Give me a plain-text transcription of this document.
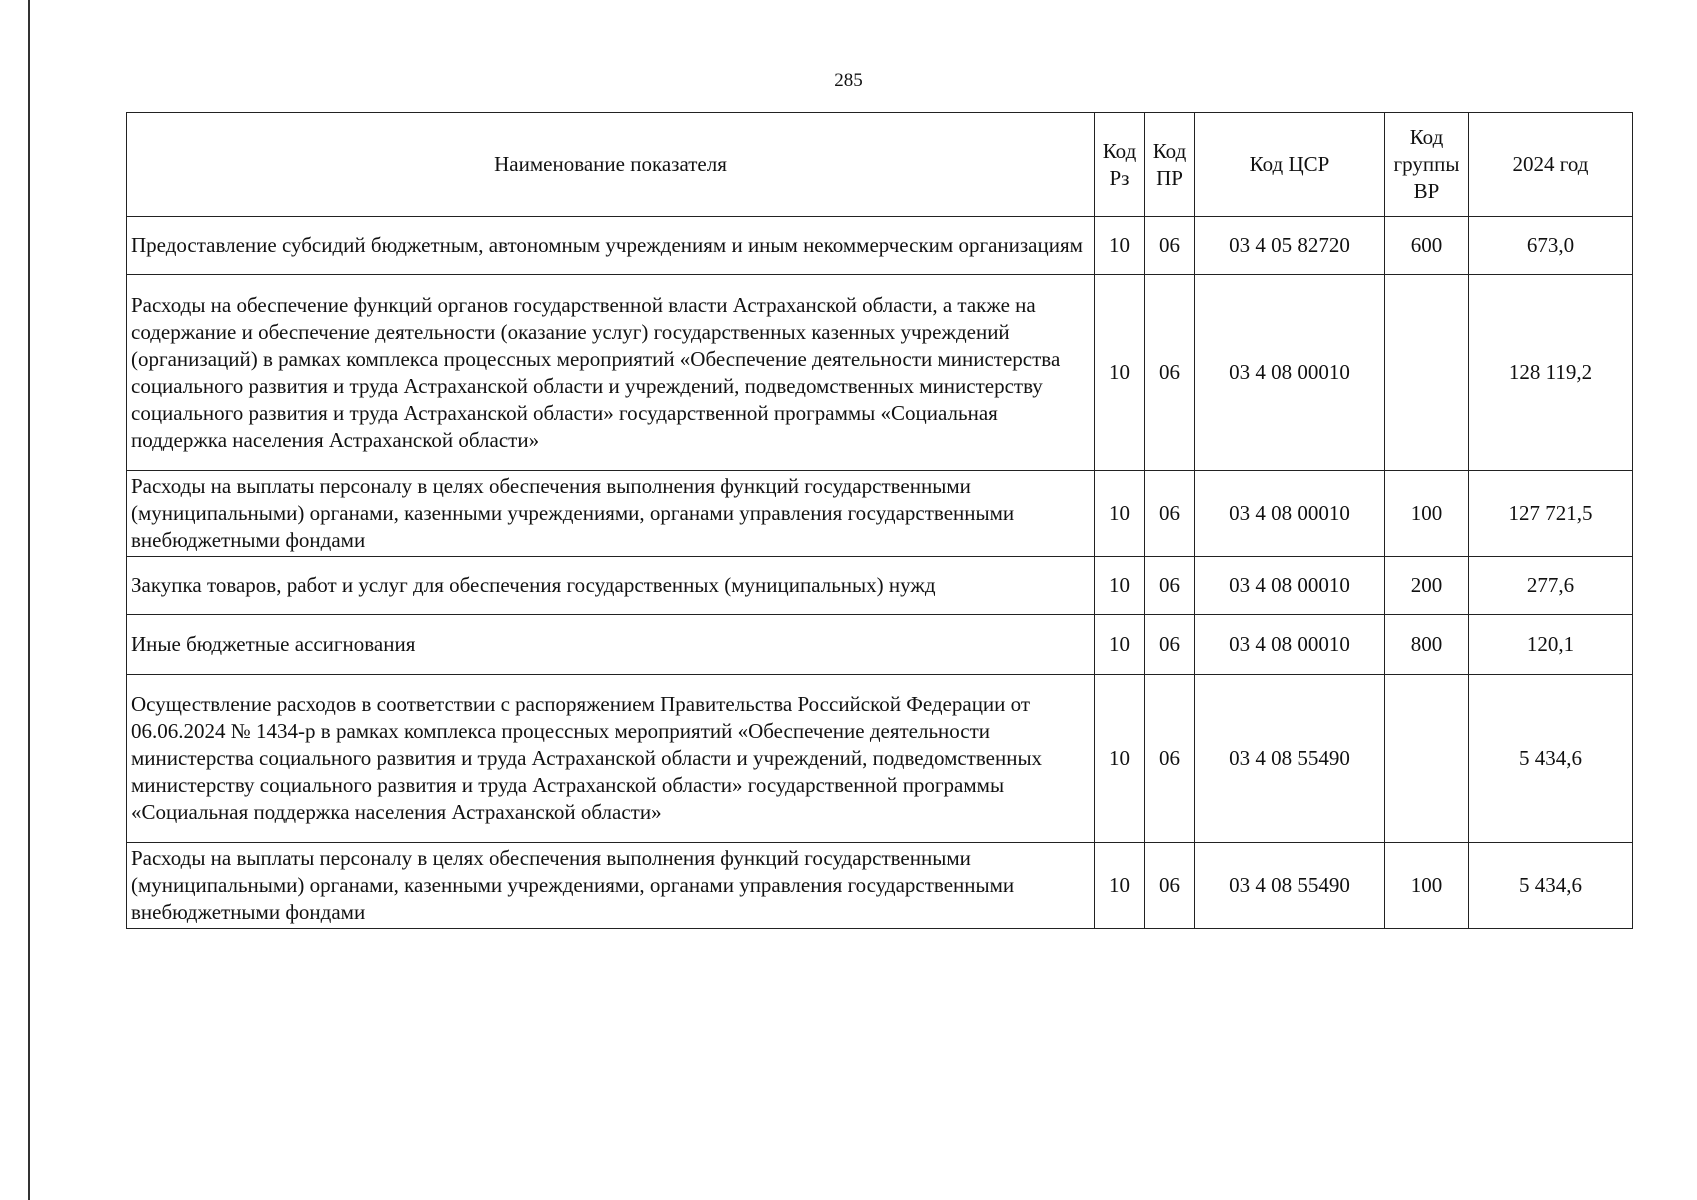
285
Наименование показателя	Код Рз	Код ПР	Код ЦСР	Код группы ВР	2024 год
Предоставление субсидий бюджетным, автономным учреждениям и иным некоммерческим организациям	10	06	03 4 05 82720	600	673,0
Расходы на обеспечение функций органов государственной власти Астраханской области, а также на содержание и обеспечение деятельности (оказание услуг) государственных казенных учреждений (организаций) в рамках комплекса процессных мероприятий «Обеспечение деятельности министерства социального развития и труда Астраханской области и учреждений, подведомственных министерству социального развития и труда Астраханской области» государственной программы «Социальная поддержка населения Астраханской области»	10	06	03 4 08 00010		128 119,2
Расходы на выплаты персоналу в целях обеспечения выполнения функций государственными (муниципальными) органами, казенными учреждениями, органами управления государственными внебюджетными фондами	10	06	03 4 08 00010	100	127 721,5
Закупка товаров, работ и услуг для обеспечения государственных (муниципальных) нужд	10	06	03 4 08 00010	200	277,6
Иные бюджетные ассигнования	10	06	03 4 08 00010	800	120,1
Осуществление расходов в соответствии с распоряжением Правительства Российской Федерации от 06.06.2024 № 1434-р в рамках комплекса процессных мероприятий «Обеспечение деятельности министерства социального развития и труда Астраханской области и учреждений, подведомственных министерству социального развития и труда Астраханской области» государственной программы «Социальная поддержка населения Астраханской области»	10	06	03 4 08 55490		5 434,6
Расходы на выплаты персоналу в целях обеспечения выполнения функций государственными (муниципальными) органами, казенными учреждениями, органами управления государственными внебюджетными фондами	10	06	03 4 08 55490	100	5 434,6
